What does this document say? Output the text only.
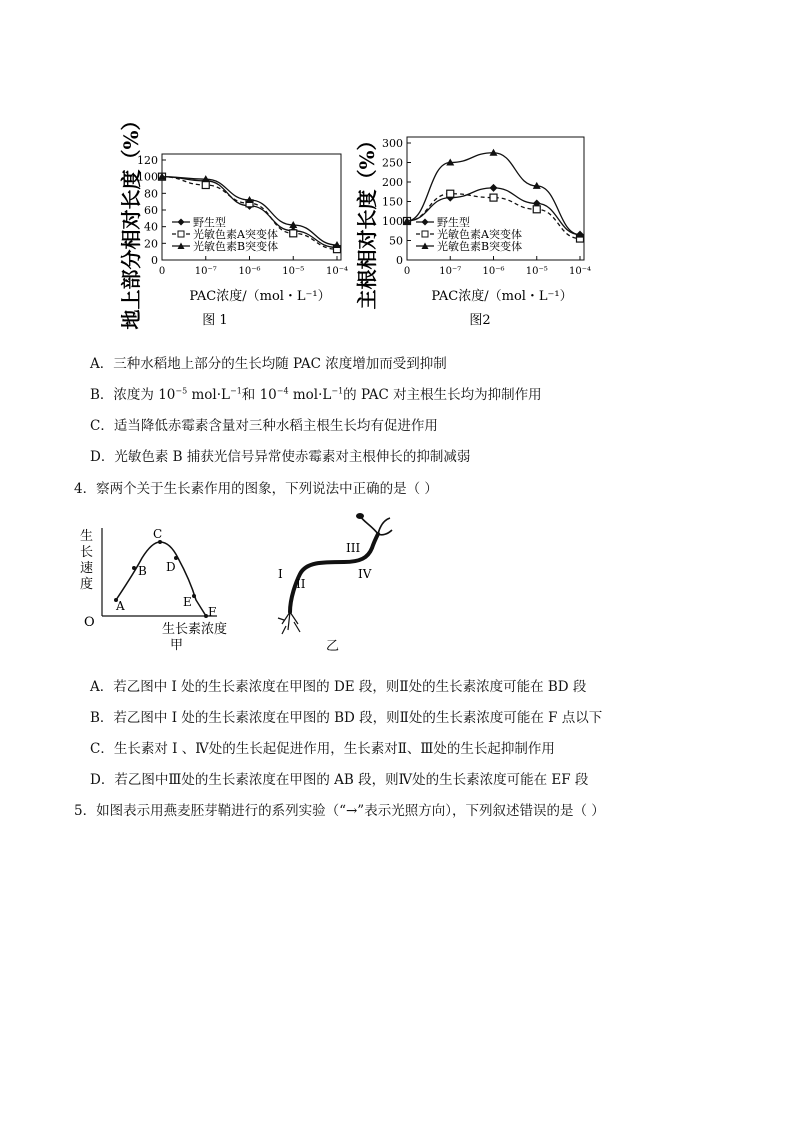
地上部分相对长度（%）
120
100
80
60
40
20
0
0	10⁻⁷ 10⁻⁶ 10⁻⁵ 10⁻⁴
野生型
光敏色素A突变体
光敏色素B突变体
PAC浓度/（mol・L⁻¹）
图 1
主根相对长度（%） 300
250
200
150
100
50
0
0	10⁻⁷ 10⁻⁶ 10⁻⁵ 10⁻⁴
野生型
光敏色素A突变体
光敏色素B突变体
PAC浓度/（mol・L⁻¹）
图2
A．三种水稻地上部分的生长均随 PAC 浓度增加而受到抑制
B．浓度为 $10^{-5}$ $mol\cdot L^{-1}$和 $10^{-4}$ $mol\cdot L^{-1}$的 PAC 对主根生长均为抑制作用
C．适当降低赤霉素含量对三种水稻主根生长均有促进作用
D．光敏色素 B 捕获光信号异常使赤霉素对主根伸长的抑制减弱
4．察两个关于生长素作用的图象，下列说法中正确的是（ ）
生
长
速
度
O
A
B
C
D
E
F
生长素浓度
甲
I
II
III
IV
乙
A．若乙图中 I 处的生长素浓度在甲图的 DE 段，则Ⅱ处的生长素浓度可能在 BD 段
B．若乙图中 I 处的生长素浓度在甲图的 BD 段，则Ⅱ处的生长素浓度可能在 F 点以下
C．生长素对 I 、Ⅳ处的生长起促进作用，生长素对Ⅱ、Ⅲ处的生长起抑制作用
D．若乙图中Ⅲ处的生长素浓度在甲图的 AB 段，则Ⅳ处的生长素浓度可能在 EF 段
5．如图表示用燕麦胚芽鞘进行的系列实验（“→”表示光照方向），下列叙述错误的是（ ）
